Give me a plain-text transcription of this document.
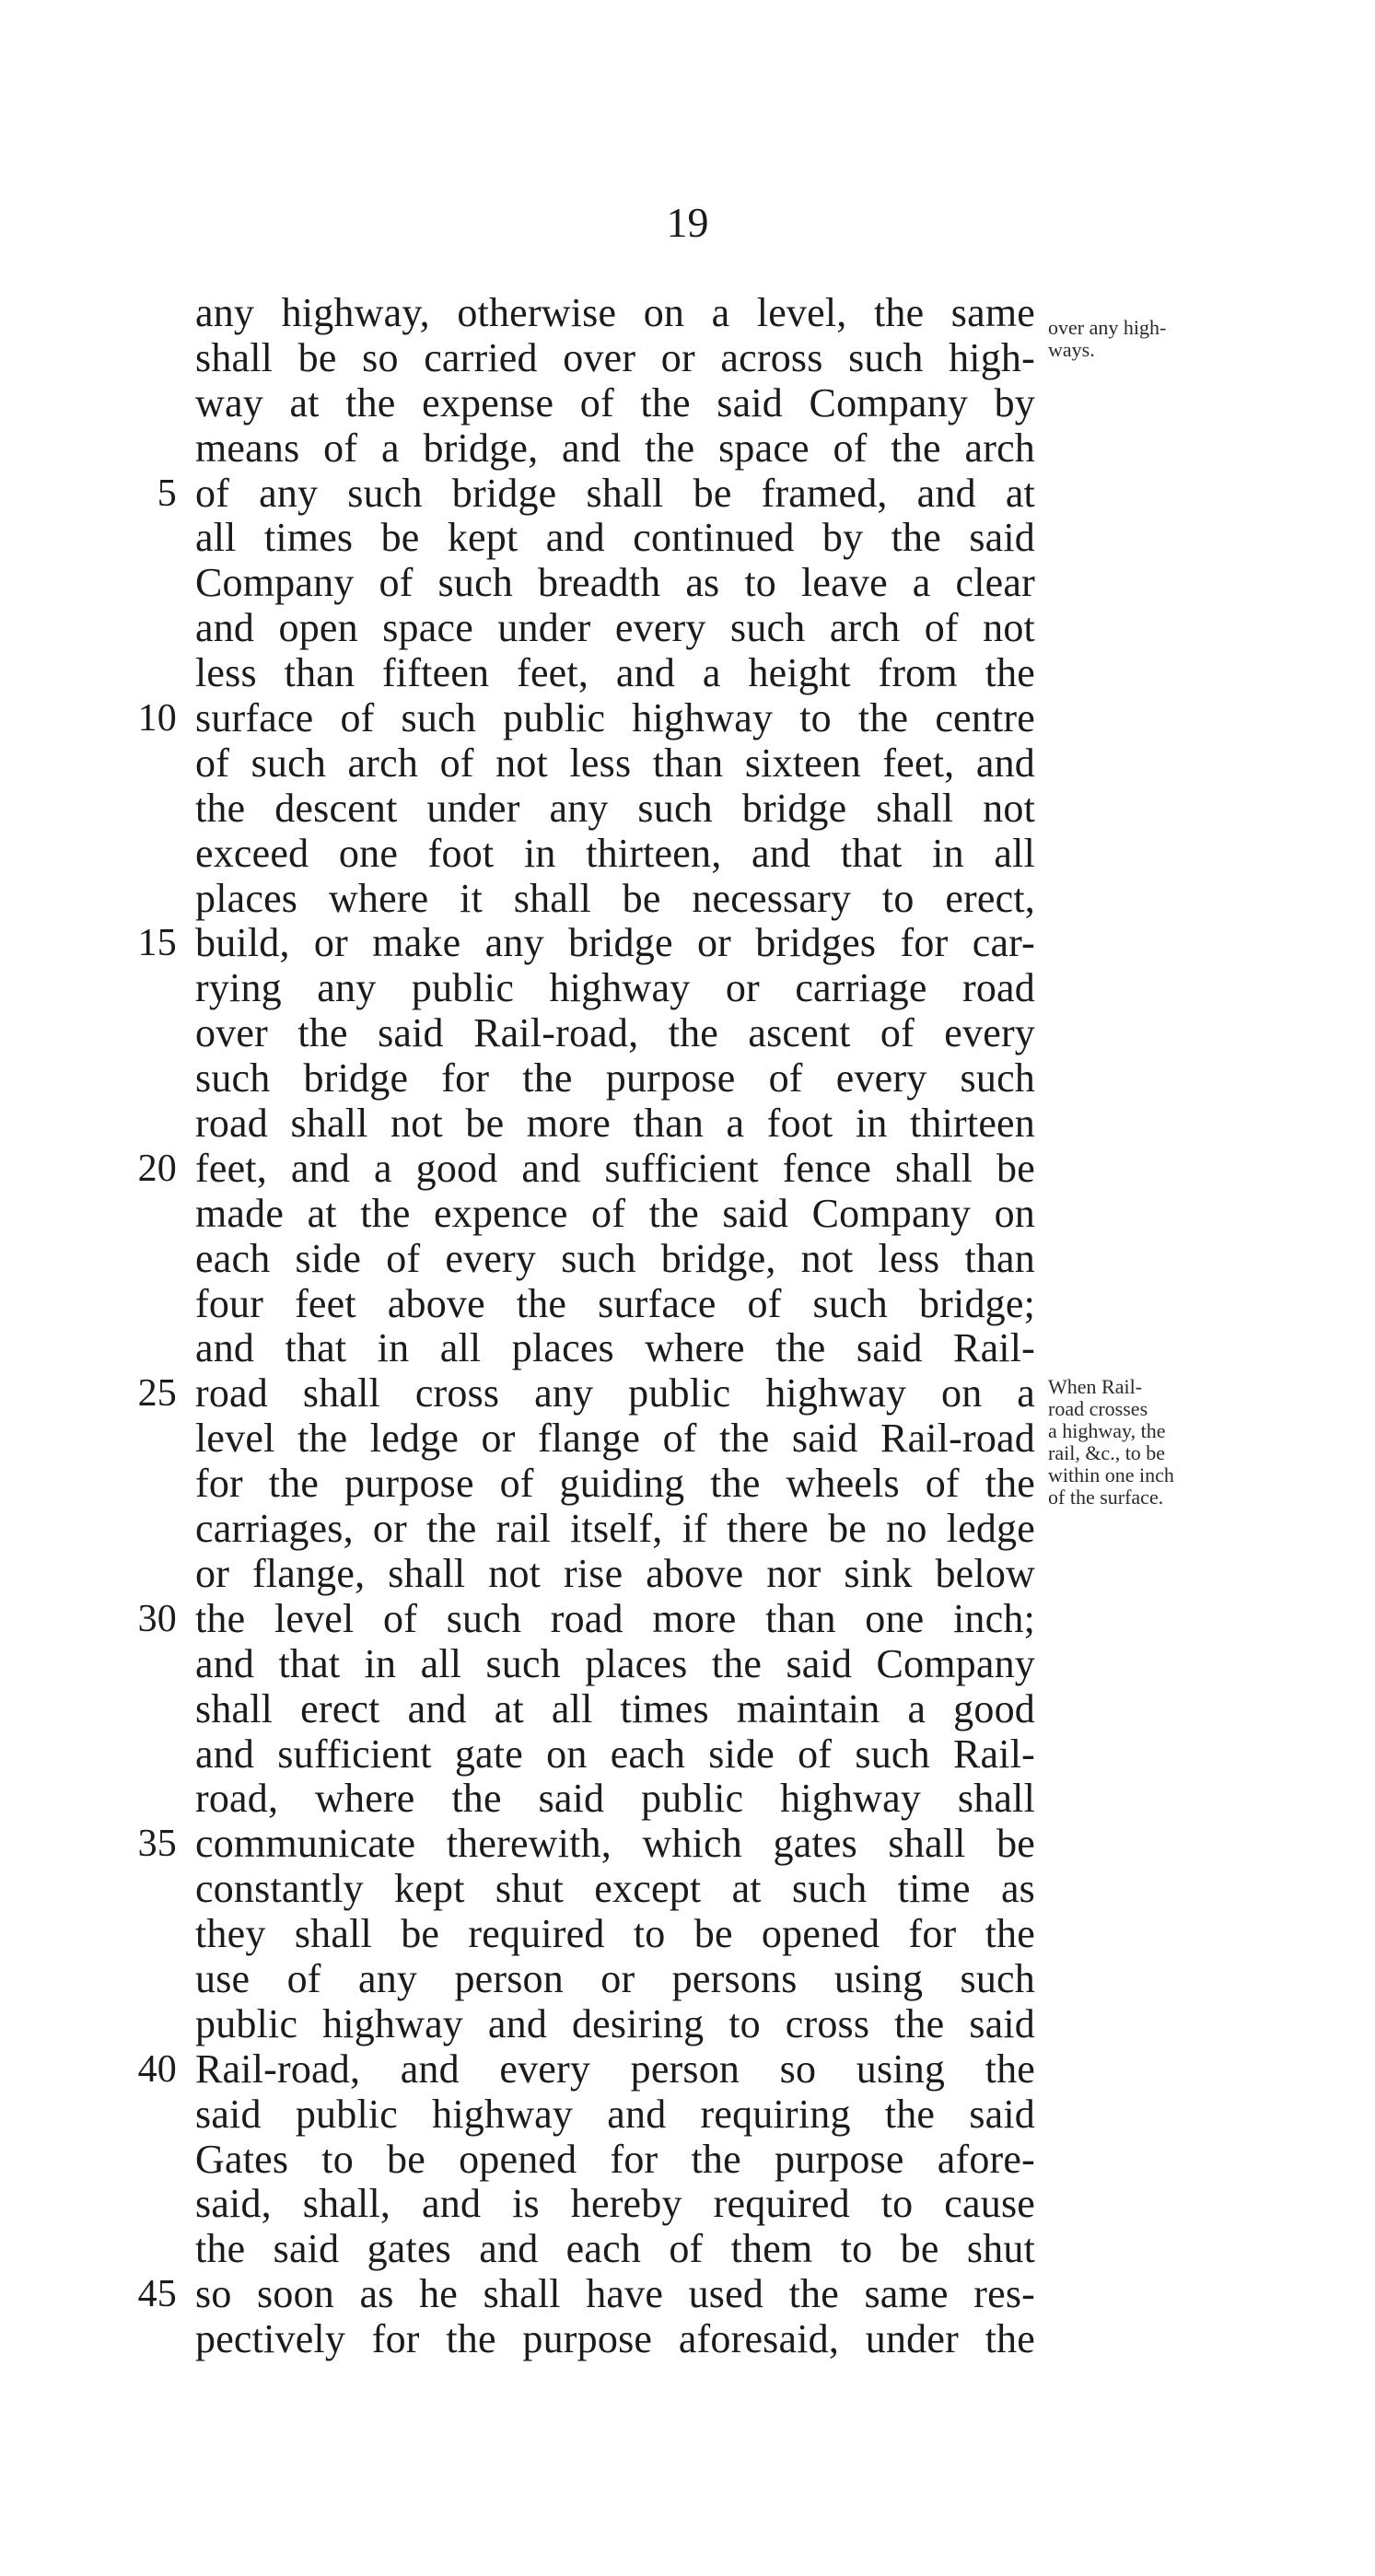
19
any highway, otherwise on a level, the same
shall be so carried over or across such high-
way at the expense of the said Company by
means of a bridge, and the space of the arch
5 of any such bridge shall be framed, and at
all times be kept and continued by the said
Company of such breadth as to leave a clear
and open space under every such arch of not
less than fifteen feet, and a height from the
10 surface of such public highway to the centre
of such arch of not less than sixteen feet, and
the descent under any such bridge shall not
exceed one foot in thirteen, and that in all
places where it shall be necessary to erect,
15 build, or make any bridge or bridges for car-
rying any public highway or carriage road
over the said Rail-road, the ascent of every
such bridge for the purpose of every such
road shall not be more than a foot in thirteen
20 feet, and a good and sufficient fence shall be
made at the expence of the said Company on
each side of every such bridge, not less than
four feet above the surface of such bridge;
and that in all places where the said Rail-
25 road shall cross any public highway on a
level the ledge or flange of the said Rail-road
for the purpose of guiding the wheels of the
carriages, or the rail itself, if there be no ledge
or flange, shall not rise above nor sink below
30 the level of such road more than one inch;
and that in all such places the said Company
shall erect and at all times maintain a good
and sufficient gate on each side of such Rail-
road, where the said public highway shall
35 communicate therewith, which gates shall be
constantly kept shut except at such time as
they shall be required to be opened for the
use of any person or persons using such
public highway and desiring to cross the said
40 Rail-road, and every person so using the
said public highway and requiring the said
Gates to be opened for the purpose afore-
said, shall, and is hereby required to cause
the said gates and each of them to be shut
45 so soon as he shall have used the same res-
pectively for the purpose aforesaid, under the
over any high-
ways.
When Rail-
road crosses
a highway, the
rail, &c., to be
within one inch
of the surface.
